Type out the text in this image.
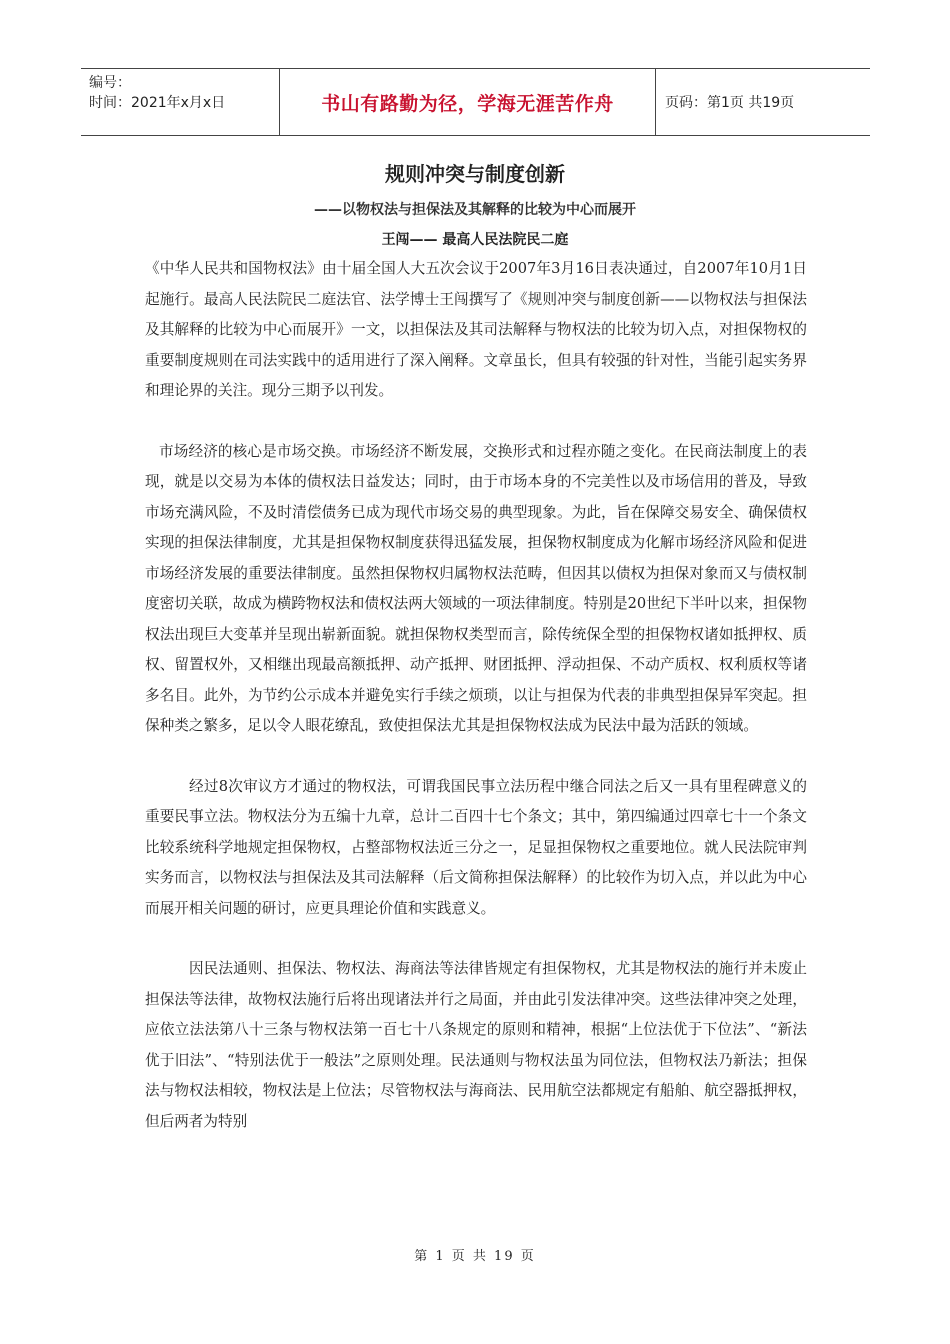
编号：
时间：2021年x月x日	书山有路勤为径，学海无涯苦作舟	页码：第1页 共19页
规则冲突与制度创新
——以物权法与担保法及其解释的比较为中心而展开
王闯—— 最高人民法院民二庭

《中华人民共和国物权法》由十届全国人大五次会议于2007年3月16日表决通过，自2007年10月1日起施行。最高人民法院民二庭法官、法学博士王闯撰写了《规则冲突与制度创新——以物权法与担保法及其解释的比较为中心而展开》一文，以担保法及其司法解释与物权法的比较为切入点，对担保物权的重要制度规则在司法实践中的适用进行了深入阐释。文章虽长，但具有较强的针对性，当能引起实务界和理论界的关注。现分三期予以刊发。

市场经济的核心是市场交换。市场经济不断发展，交换形式和过程亦随之变化。在民商法制度上的表现，就是以交易为本体的债权法日益发达；同时，由于市场本身的不完美性以及市场信用的普及，导致市场充满风险，不及时清偿债务已成为现代市场交易的典型现象。为此，旨在保障交易安全、确保债权实现的担保法律制度，尤其是担保物权制度获得迅猛发展，担保物权制度成为化解市场经济风险和促进市场经济发展的重要法律制度。虽然担保物权归属物权法范畴，但因其以债权为担保对象而又与债权制度密切关联，故成为横跨物权法和债权法两大领域的一项法律制度。特别是20世纪下半叶以来，担保物权法出现巨大变革并呈现出崭新面貌。就担保物权类型而言，除传统保全型的担保物权诸如抵押权、质权、留置权外，又相继出现最高额抵押、动产抵押、财团抵押、浮动担保、不动产质权、权利质权等诸多名目。此外，为节约公示成本并避免实行手续之烦琐，以让与担保为代表的非典型担保异军突起。担保种类之繁多，足以令人眼花缭乱，致使担保法尤其是担保物权法成为民法中最为活跃的领域。

经过8次审议方才通过的物权法，可谓我国民事立法历程中继合同法之后又一具有里程碑意义的重要民事立法。物权法分为五编十九章，总计二百四十七个条文；其中，第四编通过四章七十一个条文比较系统科学地规定担保物权，占整部物权法近三分之一，足显担保物权之重要地位。就人民法院审判实务而言，以物权法与担保法及其司法解释（后文简称担保法解释）的比较作为切入点，并以此为中心而展开相关问题的研讨，应更具理论价值和实践意义。

因民法通则、担保法、物权法、海商法等法律皆规定有担保物权，尤其是物权法的施行并未废止担保法等法律，故物权法施行后将出现诸法并行之局面，并由此引发法律冲突。这些法律冲突之处理，应依立法法第八十三条与物权法第一百七十八条规定的原则和精神，根据“上位法优于下位法”、“新法优于旧法”、“特别法优于一般法”之原则处理。民法通则与物权法虽为同位法，但物权法乃新法；担保法与物权法相较，物权法是上位法；尽管物权法与海商法、民用航空法都规定有船舶、航空器抵押权，但后两者为特别

第 1 页 共 19 页
